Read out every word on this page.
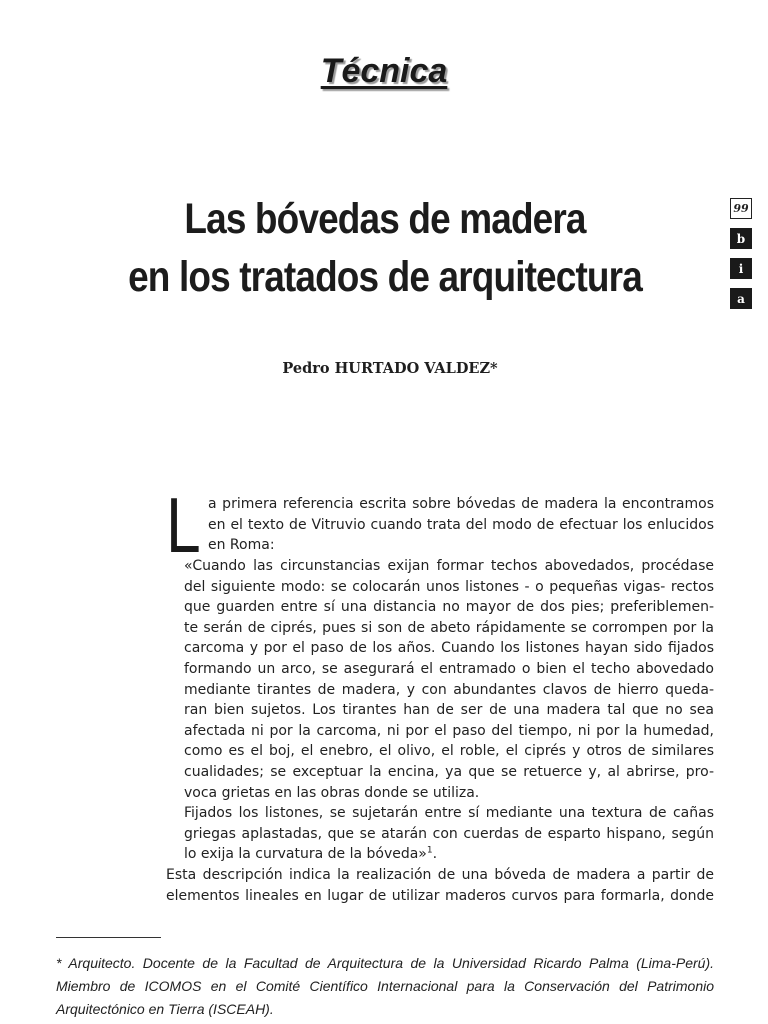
Técnica
Las bóvedas de madera
en los tratados de arquitectura
99
b
i
a
Pedro HURTADO VALDEZ*
L a primera referencia escrita sobre bóvedas de madera la encontramos
en el texto de Vitruvio cuando trata del modo de efectuar los enlucidos
en Roma:
«Cuando las circunstancias exijan formar techos abovedados, procédase
del siguiente modo: se colocarán unos listones - o pequeñas vigas- rectos
que guarden entre sí una distancia no mayor de dos pies; preferiblemen-
te serán de ciprés, pues si son de abeto rápidamente se corrompen por la
carcoma y por el paso de los años. Cuando los listones hayan sido fijados
formando un arco, se asegurará el entramado o bien el techo abovedado
mediante tirantes de madera, y con abundantes clavos de hierro queda-
ran bien sujetos. Los tirantes han de ser de una madera tal que no sea
afectada ni por la carcoma, ni por el paso del tiempo, ni por la humedad,
como es el boj, el enebro, el olivo, el roble, el ciprés y otros de similares
cualidades; se exceptuar la encina, ya que se retuerce y, al abrirse, pro-
voca grietas en las obras donde se utiliza.
Fijados los listones, se sujetarán entre sí mediante una textura de cañas
griegas aplastadas, que se atarán con cuerdas de esparto hispano, según
lo exija la curvatura de la bóveda»$^1$.
Esta descripción indica la realización de una bóveda de madera a partir de
elementos lineales en lugar de utilizar maderos curvos para formarla, donde
* Arquitecto. Docente de la Facultad de Arquitectura de la Universidad Ricardo Palma (Lima-Perú). Miembro de ICOMOS en el Comité Científico Internacional para la Conservación del Patrimonio Arquitectónico en Tierra (ISCEAH).
